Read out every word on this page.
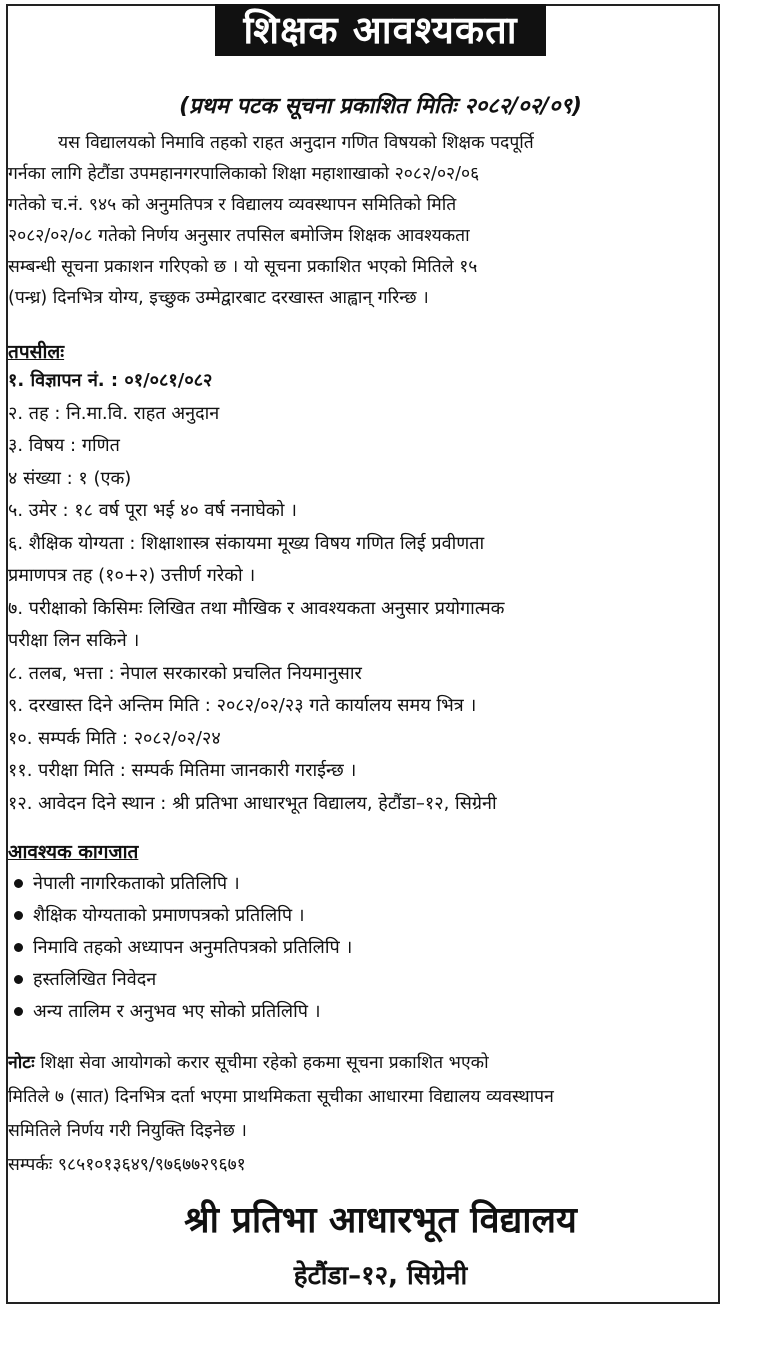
शिक्षक आवश्यकता
(प्रथम पटक सूचना प्रकाशित मितिः २०८२/०२/०९)
यस विद्यालयको निमावि तहको राहत अनुदान गणित विषयको शिक्षक पदपूर्ति
गर्नका लागि हेटौंडा उपमहानगरपालिकाको शिक्षा महाशाखाको २०८२/०२/०६
गतेको च.नं. ९४५ को अनुमतिपत्र र विद्यालय व्यवस्थापन समितिको मिति
२०८२/०२/०८ गतेको निर्णय अनुसार तपसिल बमोजिम शिक्षक आवश्यकता
सम्बन्धी सूचना प्रकाशन गरिएको छ । यो सूचना प्रकाशित भएको मितिले १५
(पन्ध्र) दिनभित्र योग्य, इच्छुक उम्मेद्वारबाट दरखास्त आह्वान् गरिन्छ ।
तपसीलः
१. विज्ञापन नं. : ०१/०८१/०८२
२. तह : नि.मा.वि. राहत अनुदान
३. विषय : गणित
४ संख्या : १ (एक)
५. उमेर : १८ वर्ष पूरा भई ४० वर्ष ननाघेको ।
६. शैक्षिक योग्यता : शिक्षाशास्त्र संकायमा मूख्य विषय गणित लिई प्रवीणता
प्रमाणपत्र तह (१०+२) उत्तीर्ण गरेको ।
७. परीक्षाको किसिमः लिखित तथा मौखिक र आवश्यकता अनुसार प्रयोगात्मक
परीक्षा लिन सकिने ।
८. तलब, भत्ता : नेपाल सरकारको प्रचलित नियमानुसार
९. दरखास्त दिने अन्तिम मिति : २०८२/०२/२३ गते कार्यालय समय भित्र ।
१०. सम्पर्क मिति : २०८२/०२/२४
११. परीक्षा मिति : सम्पर्क मितिमा जानकारी गराईन्छ ।
१२. आवेदन दिने स्थान : श्री प्रतिभा आधारभूत विद्यालय, हेटौंडा–१२, सिग्रेनी
आवश्यक कागजात
नेपाली नागरिकताको प्रतिलिपि ।
शैक्षिक योग्यताको प्रमाणपत्रको प्रतिलिपि ।
निमावि तहको अध्यापन अनुमतिपत्रको प्रतिलिपि ।
हस्तलिखित निवेदन
अन्य तालिम र अनुभव भए सोको प्रतिलिपि ।
नोटः शिक्षा सेवा आयोगको करार सूचीमा रहेको हकमा सूचना प्रकाशित भएको
मितिले ७ (सात) दिनभित्र दर्ता भएमा प्राथमिकता सूचीका आधारमा विद्यालय व्यवस्थापन
समितिले निर्णय गरी नियुक्ति दिइनेछ ।
सम्पर्कः ९८५१०१३६४९/९७६७७२९६७१
श्री प्रतिभा आधारभूत विद्यालय
हेटौंडा–१२, सिग्रेनी
